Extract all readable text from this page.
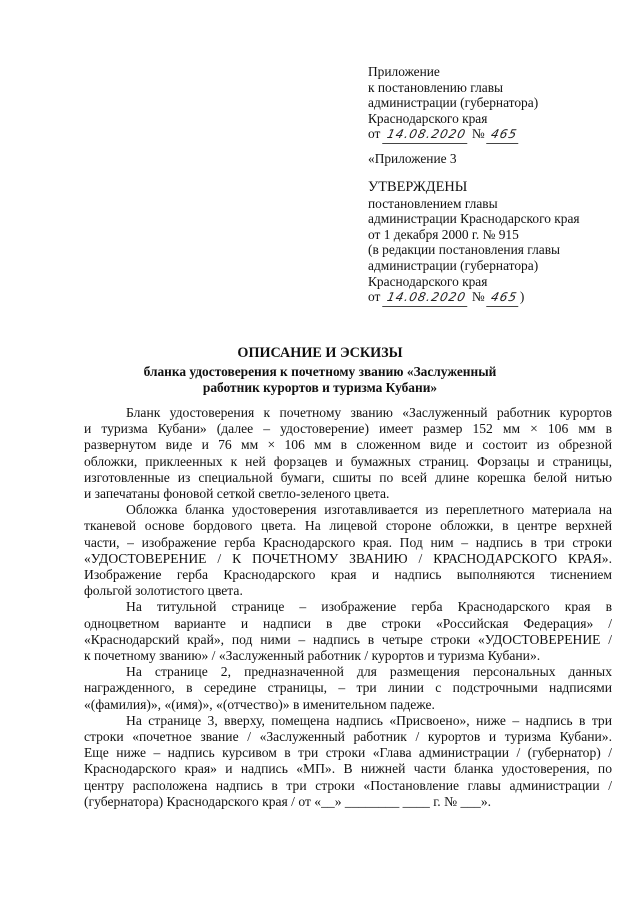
Приложение
к постановлению главы
администрации (губернатора)
Краснодарского края
от 14.08.2020 № 465
«Приложение 3
УТВЕРЖДЕНЫ
постановлением главы
администрации Краснодарского края
от 1 декабря 2000 г. № 915
(в редакции постановления главы
администрации (губернатора)
Краснодарского края
от 14.08.2020 № 465)
ОПИСАНИЕ И ЭСКИЗЫ
бланка удостоверения к почетному званию «Заслуженный
работник курортов и туризма Кубани»
Бланк удостоверения к почетному званию «Заслуженный работник курортов
и туризма Кубани» (далее – удостоверение) имеет размер 152 мм × 106 мм в
развернутом виде и 76 мм × 106 мм в сложенном виде и состоит из обрезной
обложки, приклеенных к ней форзацев и бумажных страниц. Форзацы и страницы,
изготовленные из специальной бумаги, сшиты по всей длине корешка белой нитью
и запечатаны фоновой сеткой светло-зеленого цвета.
Обложка бланка удостоверения изготавливается из переплетного материала на
тканевой основе бордового цвета. На лицевой стороне обложки, в центре верхней
части, – изображение герба Краснодарского края. Под ним – надпись в три строки
«УДОСТОВЕРЕНИЕ / К ПОЧЕТНОМУ ЗВАНИЮ / КРАСНОДАРСКОГО КРАЯ».
Изображение герба Краснодарского края и надпись выполняются тиснением
фольгой золотистого цвета.
На титульной странице – изображение герба Краснодарского края в
одноцветном варианте и надписи в две строки «Российская Федерация» /
«Краснодарский край», под ними – надпись в четыре строки «УДОСТОВЕРЕНИЕ /
к почетному званию» / «Заслуженный работник / курортов и туризма Кубани».
На странице 2, предназначенной для размещения персональных данных
награжденного, в середине страницы, – три линии с подстрочными надписями
«(фамилия)», «(имя)», «(отчество)» в именительном падеже.
На странице 3, вверху, помещена надпись «Присвоено», ниже – надпись в три
строки «почетное звание / «Заслуженный работник / курортов и туризма Кубани».
Еще ниже – надпись курсивом в три строки «Глава администрации / (губернатор) /
Краснодарского края» и надпись «МП». В нижней части бланка удостоверения, по
центру расположена надпись в три строки «Постановление главы администрации /
(губернатора) Краснодарского края / от «__» ________ ____ г. № ___».
